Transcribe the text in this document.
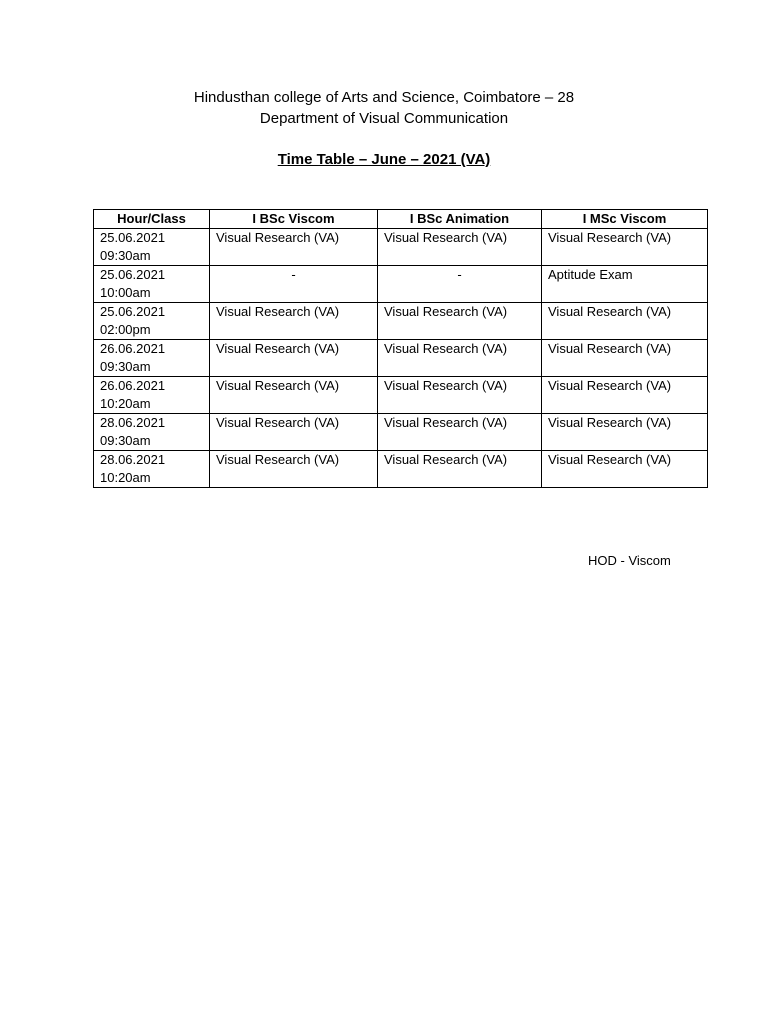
Hindusthan college of Arts and Science, Coimbatore – 28

Department of Visual Communication

Time Table – June – 2021 (VA)

Hour/Class	I BSc Viscom	I BSc Animation	I MSc Viscom

25.06.2021
09:30am	Visual Research (VA)	Visual Research (VA)	Visual Research (VA)

25.06.2021
10:00am	-	-	Aptitude Exam

25.06.2021
02:00pm	Visual Research (VA)	Visual Research (VA)	Visual Research (VA)

26.06.2021
09:30am	Visual Research (VA)	Visual Research (VA)	Visual Research (VA)

26.06.2021
10:20am	Visual Research (VA)	Visual Research (VA)	Visual Research (VA)

28.06.2021
09:30am	Visual Research (VA)	Visual Research (VA)	Visual Research (VA)

28.06.2021
10:20am	Visual Research (VA)	Visual Research (VA)	Visual Research (VA)
HOD - Viscom
